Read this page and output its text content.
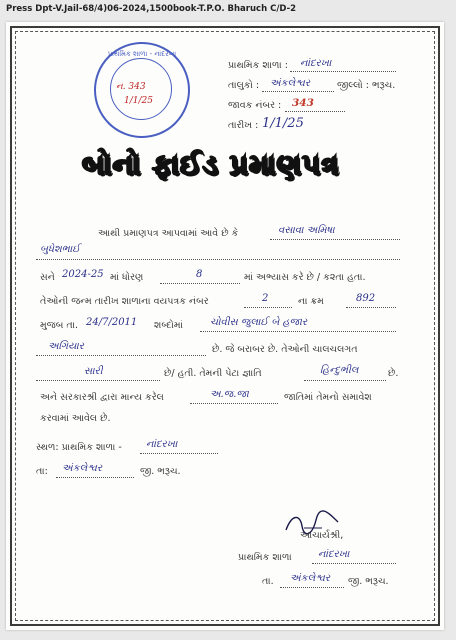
Press Dpt-V.Jail-68/4)06-2024,1500book-T.P.O. Bharuch C/D-2
પ્રાથમિક શાળા - નાંદરખા
ન. 343
1/1/25
પ્રાથમિક શાળા : નાંદરખા
તાલુકો : અંકલેશ્વર	જીલ્લો : ભરૂચ.
જાવક નંબર : 343
તારીખ : 1/1/25
બોનો ફાઈડ પ્રમાણપત્ર
આથી પ્રમાણપત્ર આપવામાં આવે છે કે	વસાવા અમિષા
બુધેશભાઈ
સને 2024-25 માં ધોરણ	8	માં અભ્યાસ કરે છે / ક૨તા હતા.
તેઓની જન્મ તારીખ શાળાના વયપત્રક નંબર	2	ના ક્રમ	892
મુજબ તા. 24/7/2011 શબ્દોમાં	ચોવીસ જુલાઈ બે હજાર
અગિયાર	છે. જે બરાબર છે. તેઓની ચાલચલગત
સારી	છે/ હતી. તેમની પેટા જ્ઞાતિ	હિન્દુભીલ	છે.
અને સરકારશ્રી દ્વારા માન્ય કરેલ	અ.જ.જા	જાતિમાં તેમનો સમાવેશ
કરવામાં આવેલ છે.
સ્થળ: પ્રાથમિક શાળા - નાંદરખા
તા: અંકલેશ્વર	જી. ભરૂચ.
આચાર્યશ્રી,
પ્રાથમિક શાળા	નાંદરખા
તા. અંકલેશ્વર જી. ભરૂચ.
